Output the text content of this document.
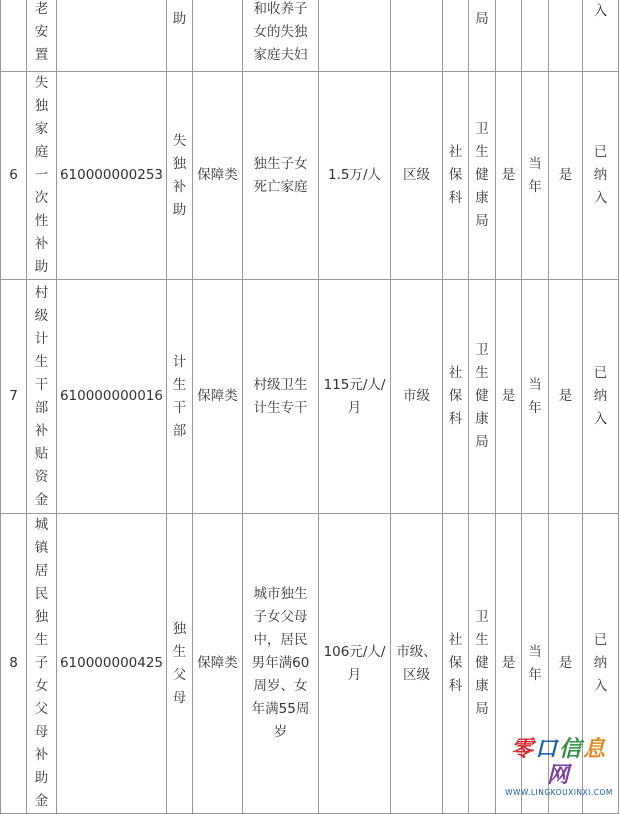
	老安置		助		和收养子女的失独家庭夫妇				局				入
6	失独家庭一次性补助	610000000253	失独补助	保障类	独生子女死亡家庭	1.5万/人	区级	社保科	卫生健康局	是	当年	是	已纳入
7	村级计生干部补贴资金	610000000016	计生干部	保障类	村级卫生计生专干	115元/人/月	市级	社保科	卫生健康局	是	当年	是	已纳入
8	城镇居民独生子女父母补助金	610000000425	独生父母	保障类	城市独生子女父母中，居民男年满60周岁、女年满55周岁	106元/人/月	市级、区级	社保科	卫生健康局	是	当年	是	已纳入
零口信息网
WWW.LINGKOUXINXI.COM
